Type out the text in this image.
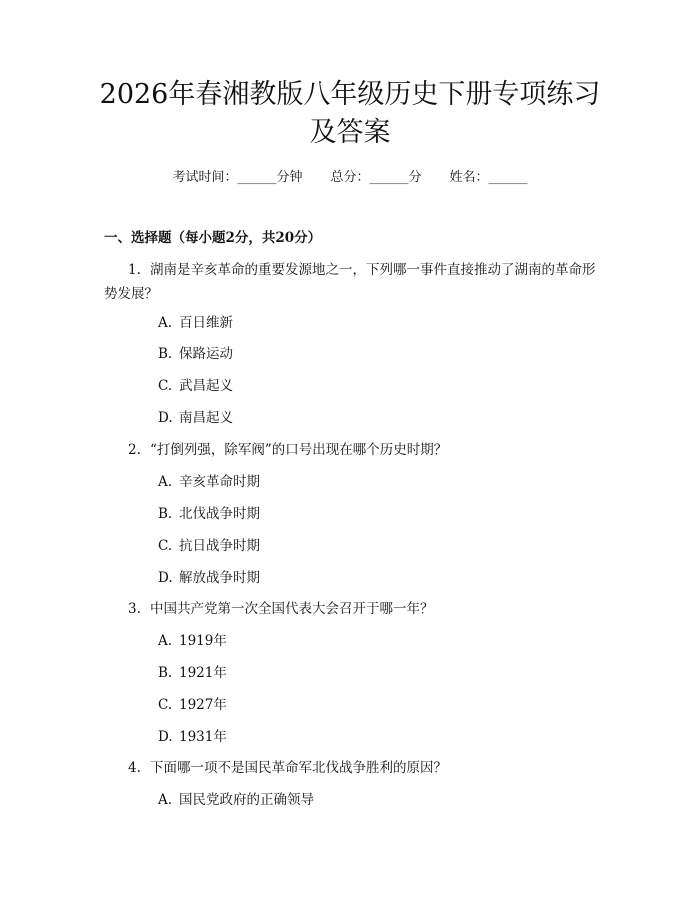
2026年春湘教版八年级历史下册专项练习及答案
考试时间：______分钟 总分：______分 姓名：______
一、选择题（每小题2分，共20分）
1. 湖南是辛亥革命的重要发源地之一，下列哪一事件直接推动了湖南的革命形势发展？
A. 百日维新
B. 保路运动
C. 武昌起义
D. 南昌起义
2. “打倒列强，除军阀”的口号出现在哪个历史时期？
A. 辛亥革命时期
B. 北伐战争时期
C. 抗日战争时期
D. 解放战争时期
3. 中国共产党第一次全国代表大会召开于哪一年？
A. 1919年
B. 1921年
C. 1927年
D. 1931年
4. 下面哪一项不是国民革命军北伐战争胜利的原因？
A. 国民党政府的正确领导
